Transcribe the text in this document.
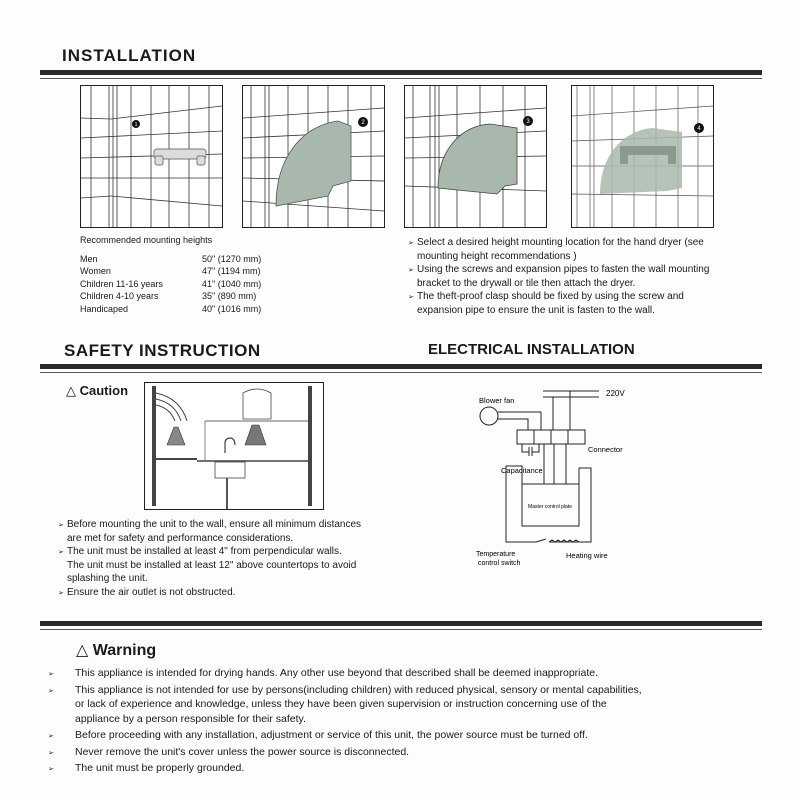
INSTALLATION
1	2	3
4
Recommended mounting heights
Men	50" (1270 mm)
Women	47" (1194 mm)
Children 11-16 years	41" (1040 mm)
Children 4-10 years	35" (890 mm)
Handicaped	40" (1016 mm)
➢ Select a desired height mounting location for the hand dryer (see
mounting height recommendations )
➢ Using the screws and expansion pipes to fasten the wall mounting
bracket to the drywall or tile then attach the dryer.
➢ The theft-proof clasp should be fixed by using the screw and
expansion pipe to ensure the unit is fasten to the wall.
SAFETY INSTRUCTION	ELECTRICAL INSTALLATION
△ Caution
➢ Before mounting the unit to the wall, ensure all minimum distances
are met for safety and performance considerations.
➢ The unit must be installed at least 4" from perpendicular walls.
The unit must be installed at least 12" above countertops to avoid
splashing the unit.
➢ Ensure the air outlet is not obstructed.
220V
Blower fan
Connector
Capacitance
Master control plate
Temperature
control switch
Heating wire
△ Warning
➢ This appliance is intended for drying hands. Any other use beyond that described shall be deemed inappropriate.
➢ This appliance is not intended for use by persons(including children) with reduced physical, sensory or mental capabilities,
or lack of experience and knowledge, unless they have been given supervision or instruction concerning use of the
appliance by a person responsible for their safety.
➢ Before proceeding with any installation, adjustment or service of this unit, the power source must be turned off.
➢ Never remove the unit's cover unless the power source is disconnected.
➢ The unit must be properly grounded.
